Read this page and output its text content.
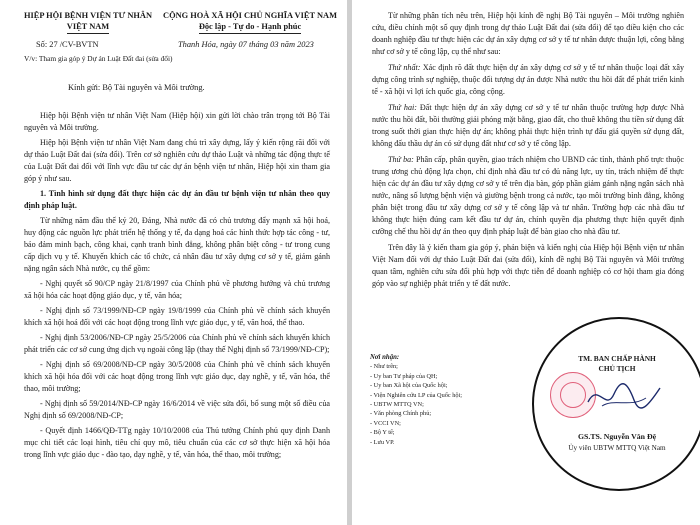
HIỆP HỘI BỆNH VIỆN TƯ NHÂN
VIỆT NAM
CỘNG HOÀ XÃ HỘI CHỦ NGHĨA VIỆT NAM
Độc lập - Tự do - Hạnh phúc
Số: 27 /CV-BVTN	Thanh Hóa, ngày 07 tháng 03 năm 2023
V/v: Tham gia góp ý Dự án Luật Đất đai (sửa đổi)
Kính gửi: Bộ Tài nguyên và Môi trường.

Hiệp hội Bệnh viện tư nhân Việt Nam (Hiệp hội) xin gửi lời chào trân trọng tới Bộ Tài nguyên và Môi trường.

Hiệp hội Bệnh viện tư nhân Việt Nam đang chủ trì xây dựng, lấy ý kiến rộng rãi đối với dự thảo Luật Đất đai (sửa đổi). Trên cơ sở nghiên cứu dự thảo Luật và những tác động thực tế của Luật Đất đai đối với lĩnh vực đầu tư các dự án bệnh viện tư nhân, Hiệp hội xin tham gia góp ý như sau.

1. Tình hình sử dụng đất thực hiện các dự án đầu tư bệnh viện tư nhân theo quy định pháp luật.

Từ những năm đầu thế kỷ 20, Đảng, Nhà nước đã có chủ trương đẩy mạnh xã hội hoá, huy động các nguồn lực phát triển hệ thống y tế, đa dạng hoá các hình thức hợp tác công - tư, bảo đảm minh bạch, công khai, cạnh tranh bình đẳng, không phân biệt công - tư trong cung cấp dịch vụ y tế. Khuyến khích các tổ chức, cá nhân đầu tư xây dựng cơ sở y tế, giảm gánh nặng ngân sách Nhà nước, cụ thể gồm:

- Nghị quyết số 90/CP ngày 21/8/1997 của Chính phủ về phương hướng và chủ trương xã hội hóa các hoạt động giáo dục, y tế, văn hóa;

- Nghị định số 73/1999/NĐ-CP ngày 19/8/1999 của Chính phủ về chính sách khuyến khích xã hội hoá đối với các hoạt động trong lĩnh vực giáo dục, y tế, văn hoá, thể thao.

- Nghị định 53/2006/NĐ-CP ngày 25/5/2006 của Chính phủ về chính sách khuyến khích phát triển các cơ sở cung ứng dịch vụ ngoài công lập (thay thế Nghị định số 73/1999/NĐ-CP);

- Nghị định số 69/2008/NĐ-CP ngày 30/5/2008 của Chính phủ về chính sách khuyến khích xã hội hóa đối với các hoạt động trong lĩnh vực giáo dục, dạy nghề, y tế, văn hóa, thể thao, môi trường;

- Nghị định số 59/2014/NĐ-CP ngày 16/6/2014 về việc sửa đổi, bổ sung một số điều của Nghị định số 69/2008/NĐ-CP;

- Quyết định 1466/QĐ-TTg ngày 10/10/2008 của Thủ tướng Chính phủ quy định Danh mục chi tiết các loại hình, tiêu chí quy mô, tiêu chuẩn của các cơ sở thực hiện xã hội hóa trong lĩnh vực giáo dục - đào tạo, dạy nghề, y tế, văn hóa, thể thao, môi trường;

Từ những phân tích nêu trên, Hiệp hội kính đề nghị Bộ Tài nguyên – Môi trường nghiên cứu, điều chỉnh một số quy định trong dự thảo Luật Đất đai (sửa đổi) để tạo điều kiện cho các doanh nghiệp đầu tư thực hiện các dự án xây dựng cơ sở y tế tư nhân được thuận lợi, công bằng như cơ sở y tế công lập, cụ thể như sau:

Thứ nhất: Xác định rõ đất thực hiện dự án xây dựng cơ sở y tế tư nhân thuộc loại đất xây dựng công trình sự nghiệp, thuộc đối tượng dự án được Nhà nước thu hồi đất để phát triển kinh tế - xã hội vì lợi ích quốc gia, công cộng.

Thứ hai: Đất thực hiện dự án xây dựng cơ sở y tế tư nhân thuộc trường hợp được Nhà nước thu hồi đất, bồi thường giải phóng mặt bằng, giao đất, cho thuê không thu tiền sử dụng đất trong suốt thời gian thực hiện dự án; không phải thực hiện trình tự đấu giá quyền sử dụng đất, không đấu thầu dự án có sử dụng đất như cơ sở y tế công lập.

Thứ ba: Phân cấp, phân quyền, giao trách nhiệm cho UBND các tỉnh, thành phố trực thuộc trung ương chủ động lựa chọn, chỉ định nhà đầu tư có đủ năng lực, uy tín, trách nhiệm để thực hiện các dự án đầu tư xây dựng cơ sở y tế trên địa bàn, góp phần giảm gánh nặng ngân sách nhà nước, nâng số lượng bệnh viện và giường bệnh trong cả nước, tạo môi trường bình đẳng, không phân biệt trong đầu tư xây dựng cơ sở y tế công lập và tư nhân. Trường hợp các nhà đầu tư không thực hiện đúng cam kết đầu tư dự án, chính quyền địa phương thực hiện quyết định cưỡng chế thu hồi dự án theo quy định pháp luật để bàn giao cho nhà đầu tư.

Trên đây là ý kiến tham gia góp ý, phản biện và kiến nghị của Hiệp hội Bệnh viện tư nhân Việt Nam đối với dự thảo Luật Đất đai (sửa đổi), kính đề nghị Bộ Tài nguyên và Môi trường quan tâm, nghiên cứu sửa đổi phù hợp với thực tiễn để doanh nghiệp có cơ hội tham gia đóng góp vào sự nghiệp phát triển y tế đất nước.

Nơi nhận:
- Như trên;
- Uy ban Tư pháp của QH;
- Uy ban Xã hội của Quốc hội;
- Viện Nghiên cứu LP của Quốc hội;
- UBTW MTTQ VN;
- Văn phòng Chính phủ;
- VCCI VN;
- Bộ Y tế;
- Lưu VP.
TM. BAN CHẤP HÀNH
CHỦ TỊCH
GS.TS. Nguyễn Văn Đệ
Ủy viên UBTW MTTQ Việt Nam
